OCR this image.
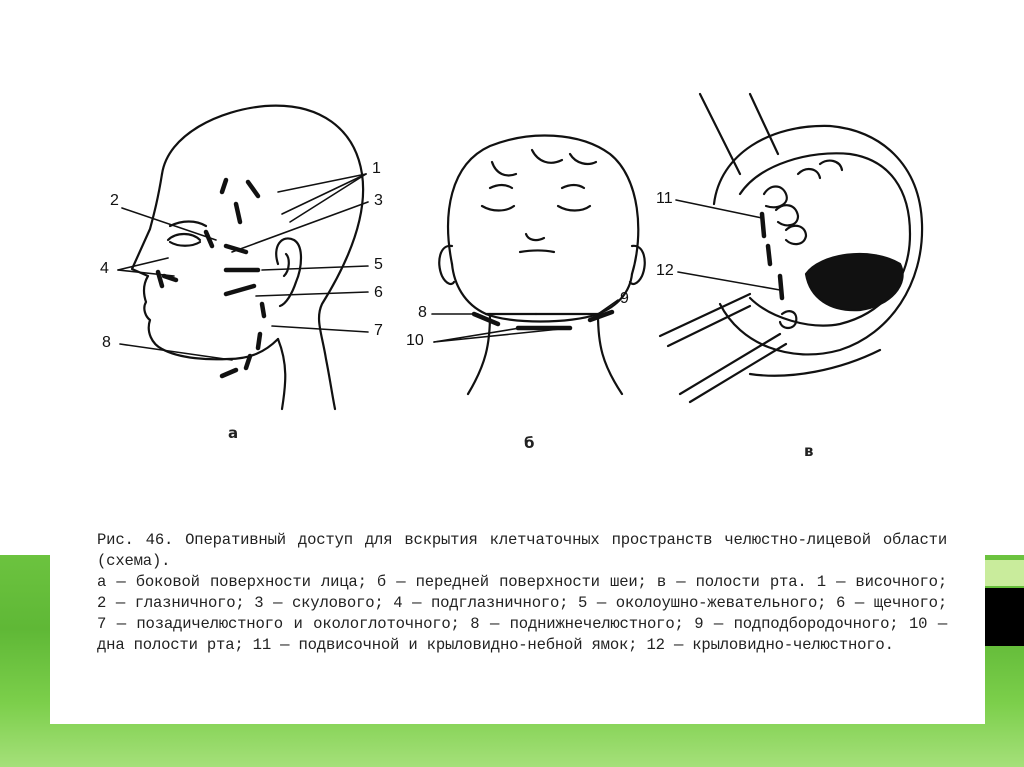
1
3
2
4	5
6
7
8
8
9
10
11
12
а
б	в

Рис. 46. Оперативный доступ для вскрытия клетчаточных пространств челюстно-лицевой области (схема).

а — боковой поверхности лица; б — передней поверхности шеи; в — полости рта. 1 — височного; 2 — глазничного; 3 — скулового; 4 — подглазничного; 5 — околоушно-жевательного; 6 — щечного; 7 — позадичелюстного и окологлоточного; 8 — поднижнечелюстного; 9 — подподбородочного; 10 — дна полости рта; 11 — подвисочной и крыловидно-небной ямок; 12 — крыловидно-челюстного.
